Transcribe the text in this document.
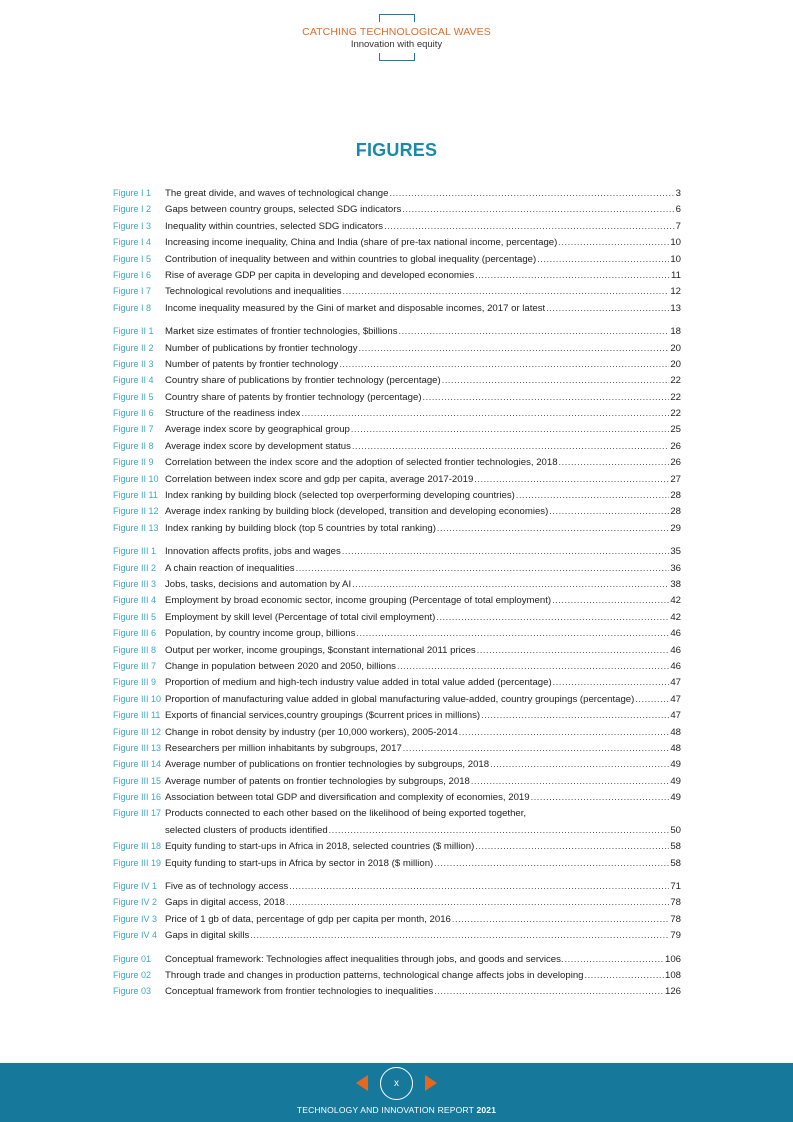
CATCHING TECHNOLOGICAL WAVES
Innovation with equity
FIGURES
Figure I 1	The great divide, and waves of technological change .....	3
Figure I 2	Gaps between country groups, selected SDG indicators .....	6
Figure I 3	Inequality within countries, selected SDG indicators .....	7
Figure I 4	Increasing income inequality, China and India (share of pre-tax national income, percentage) .....	10
Figure I 5	Contribution of inequality between and within countries to global inequality (percentage) .....	10
Figure I 6	Rise of average GDP per capita in developing and developed economies .....	11
Figure I 7	Technological revolutions and inequalities .....	12
Figure I 8	Income inequality measured by the Gini of market and disposable incomes, 2017 or latest .....	13
Figure II 1	Market size estimates of frontier technologies, $billions .....	18
Figure II 2	Number of publications by frontier technology .....	20
Figure II 3	Number of patents by frontier technology .....	20
Figure II 4	Country share of publications by frontier technology (percentage) .....	22
Figure II 5	Country share of patents by frontier technology (percentage) .....	22
Figure II 6	Structure of the readiness index .....	22
Figure II 7	Average index score by geographical group .....	25
Figure II 8	Average index score by development status .....	26
Figure II 9	Correlation between the index score and the adoption of selected frontier technologies, 2018 .....	26
Figure II 10 Correlation between index score and gdp per capita, average 2017-2019 .....	27
Figure II 11 Index ranking by building block (selected top overperforming developing countries) .....	28
Figure II 12 Average index ranking by building block (developed, transition and developing economies) .....	28
Figure II 13 Index ranking by building block (top 5 countries by total ranking) .....	29
Figure III 1 Innovation affects profits, jobs and wages .....	35
Figure III 2 A chain reaction of inequalities .....	36
Figure III 3 Jobs, tasks, decisions and automation by AI .....	38
Figure III 4 Employment by broad economic sector, income grouping (Percentage of total employment) .....	42
Figure III 5 Employment by skill level (Percentage of total civil employment) .....	42
Figure III 6 Population, by country income group, billions .....	46
Figure III 8 Output per worker, income groupings, $constant international 2011 prices .....	46
Figure III 7 Change in population between 2020 and 2050, billions .....	46
Figure III 9 Proportion of medium and high-tech industry value added in total value added (percentage) .....	47
Figure III 10 Proportion of manufacturing value added in global manufacturing value-added, country groupings (percentage) .....	47
Figure III 11 Exports of financial services,country groupings ($current prices in millions) .....	47
Figure III 12 Change in robot density by industry (per 10,000 workers), 2005-2014 .....	48
Figure III 13 Researchers per million inhabitants by subgroups, 2017 .....	48
Figure III 14 Average number of publications on frontier technologies by subgroups, 2018 .....	49
Figure III 15 Average number of patents on frontier technologies by subgroups, 2018 .....	49
Figure III 16 Association between total GDP and diversification and complexity of economies, 2019 .....	49
Figure III 17 Products connected to each other based on the likelihood of being exported together,
selected clusters of products identified .....	50
Figure III 18 Equity funding to start-ups in Africa in 2018, selected countries ($ million) .....	58
Figure III 19 Equity funding to start-ups in Africa by sector in 2018 ($ million) .....	58
Figure IV 1 Five as of technology access .....	71
Figure IV 2 Gaps in digital access, 2018 .....	78
Figure IV 3 Price of 1 gb of data, percentage of gdp per capita per month, 2016 .....	78
Figure IV 4 Gaps in digital skills .....	79
Figure 01	Conceptual framework: Technologies affect inequalities through jobs, and goods and services. .....	106
Figure 02	Through trade and changes in production patterns, technological change affects jobs in developing .....	108
Figure 03	Conceptual framework from frontier technologies to inequalities .....	126
x
TECHNOLOGY AND INNOVATION REPORT 2021
